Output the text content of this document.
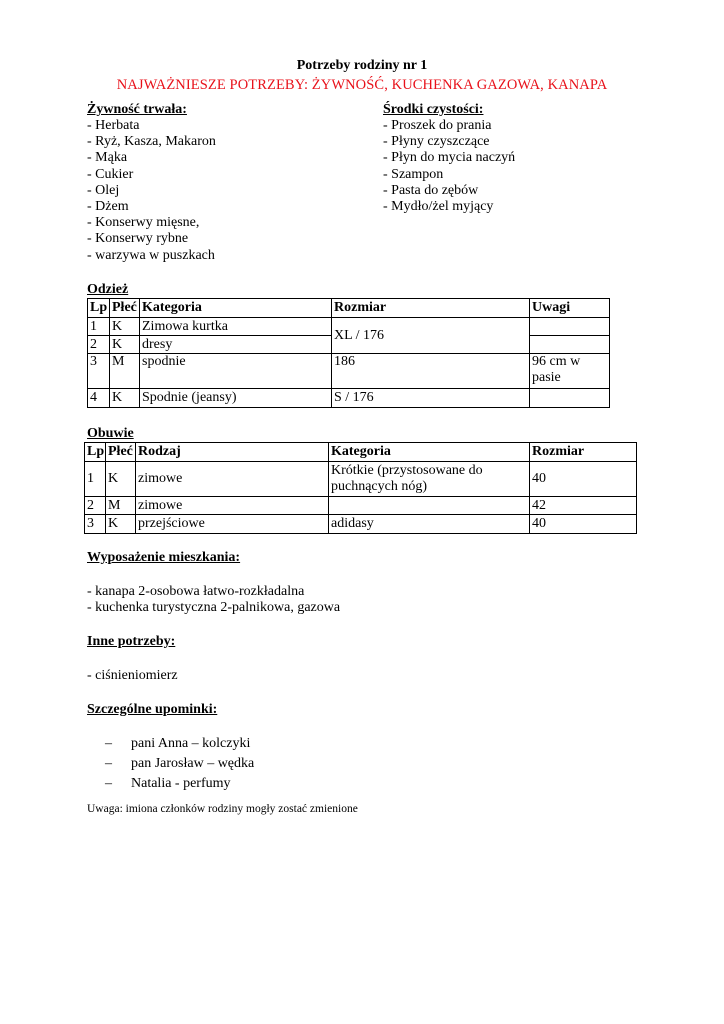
Potrzeby rodziny nr 1
NAJWAŻNIESZE POTRZEBY: ŻYWNOŚĆ, KUCHENKA GAZOWA, KANAPA
Żywność trwała:
- Herbata
- Ryż, Kasza, Makaron
- Mąka
- Cukier
- Olej
- Dżem
- Konserwy mięsne,
- Konserwy rybne
- warzywa w puszkach
Środki czystości:
- Proszek do prania
- Płyny czyszczące
- Płyn do mycia naczyń
- Szampon
- Pasta do zębów
- Mydło/żel myjący
Odzież
Lp	Płeć	Kategoria	Rozmiar	Uwagi
1	K	Zimowa kurtka	XL / 176	
2	K	dresy		
3	M	spodnie	186	96 cm w pasie
4	K	Spodnie (jeansy)	S / 176	
Obuwie
Lp	Płeć	Rodzaj	Kategoria	Rozmiar
1	K	zimowe	Krótkie (przystosowane do puchnących nóg)	40
2	M	zimowe		42
3	K	przejściowe	adidasy	40
Wyposażenie mieszkania:
- kanapa 2-osobowa łatwo-rozkładalna
- kuchenka turystyczna 2-palnikowa, gazowa
Inne potrzeby:
- ciśnieniomierz
Szczególne upominki:
– pani Anna – kolczyki
– pan Jarosław – wędka
– Natalia - perfumy
Uwaga: imiona członków rodziny mogły zostać zmienione
